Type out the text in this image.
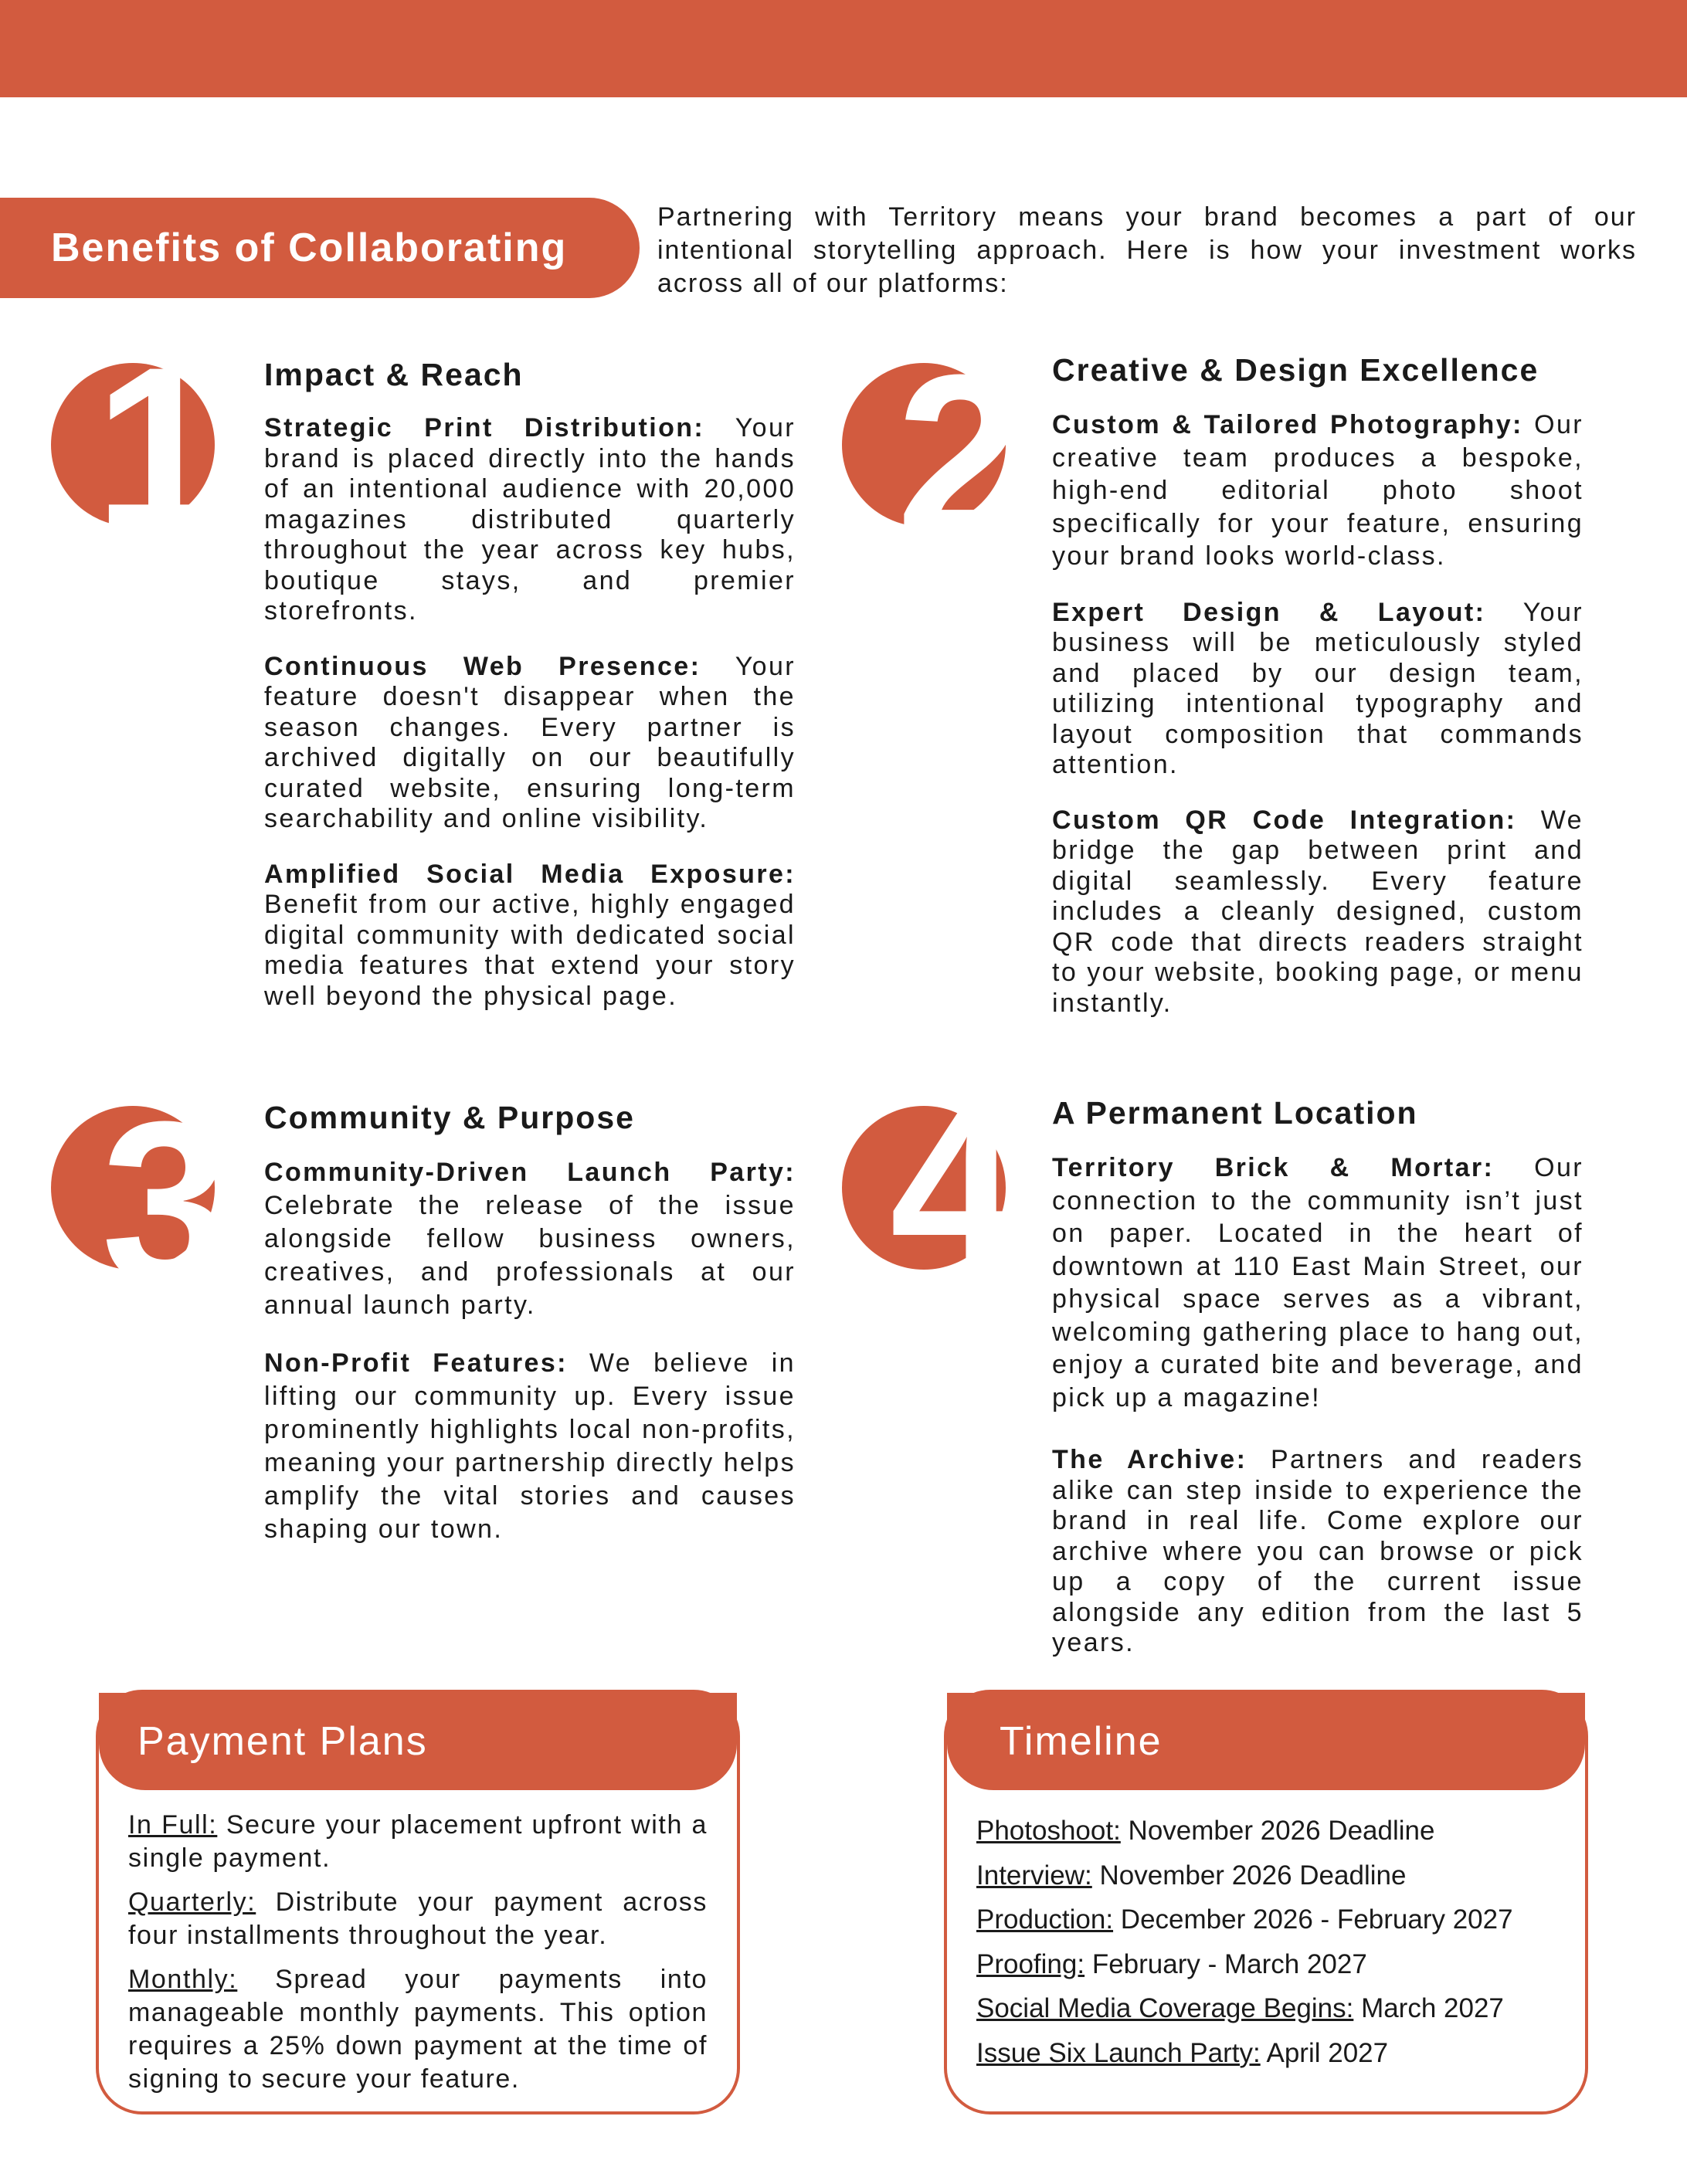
Benefits of Collaborating
Partnering with Territory means your brand becomes a part of our intentional storytelling approach. Here is how your investment works across all of our platforms:
1	2
3	4
Impact & Reach

Strategic Print Distribution: Your brand is placed directly into the hands of an intentional audience with 20,000 magazines distributed quarterly throughout the year across key hubs, boutique stays, and premier storefronts.

Continuous Web Presence: Your feature doesn't disappear when the season changes. Every partner is archived digitally on our beautifully curated website, ensuring long-term searchability and online visibility.

Amplified Social Media Exposure: Benefit from our active, highly engaged digital community with dedicated social media features that extend your story well beyond the physical page.

Creative & Design Excellence

Custom & Tailored Photography: Our creative team produces a bespoke, high-end editorial photo shoot specifically for your feature, ensuring your brand looks world-class.

Expert Design & Layout: Your business will be meticulously styled and placed by our design team, utilizing intentional typography and layout composition that commands attention.

Custom QR Code Integration: We bridge the gap between print and digital seamlessly. Every feature includes a cleanly designed, custom QR code that directs readers straight to your website, booking page, or menu instantly.

Community & Purpose

Community-Driven Launch Party: Celebrate the release of the issue alongside fellow business owners, creatives, and professionals at our annual launch party.

Non-Profit Features: We believe in lifting our community up. Every issue prominently highlights local non-profits, meaning your partnership directly helps amplify the vital stories and causes shaping our town.

A Permanent Location

Territory Brick & Mortar: Our connection to the community isn’t just on paper. Located in the heart of downtown at 110 East Main Street, our physical space serves as a vibrant, welcoming gathering place to hang out, enjoy a curated bite and beverage, and pick up a magazine!

The Archive: Partners and readers alike can step inside to experience the brand in real life. Come explore our archive where you can browse or pick up a copy of the current issue alongside any edition from the last 5 years.

Payment Plans

In Full: Secure your placement upfront with a single payment.

Quarterly: Distribute your payment across four installments throughout the year.

Monthly: Spread your payments into manageable monthly payments. This option requires a 25% down payment at the time of signing to secure your feature.

Timeline
Photoshoot: November 2026 Deadline
Interview: November 2026 Deadline
Production: December 2026 - February 2027
Proofing: February - March 2027
Social Media Coverage Begins: March 2027
Issue Six Launch Party: April 2027
